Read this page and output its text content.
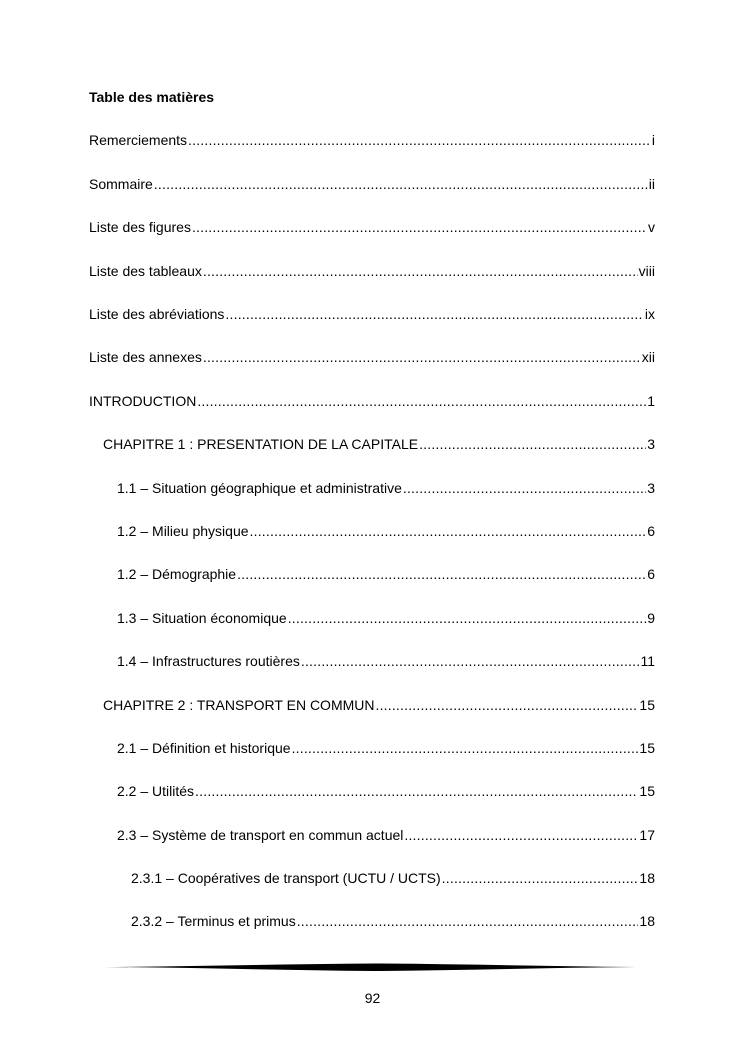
Table des matières
Remerciements .....	i
Sommaire .....	ii
Liste des figures .....	v
Liste des tableaux .....	viii
Liste des abréviations .....	ix
Liste des annexes .....	xii
INTRODUCTION .....	1
CHAPITRE 1 : PRESENTATION DE LA CAPITALE .....	3
1.1 – Situation géographique et administrative .....	3
1.2 – Milieu physique .....	6
1.2 – Démographie .....	6
1.3 – Situation économique .....	9
1.4 – Infrastructures routières .....	11
CHAPITRE 2 : TRANSPORT EN COMMUN .....	15
2.1 – Définition et historique .....	15
2.2 – Utilités .....	15
2.3 – Système de transport en commun actuel .....	17
2.3.1 – Coopératives de transport (UCTU / UCTS) .....	18
2.3.2 – Terminus et primus .....	18
92
